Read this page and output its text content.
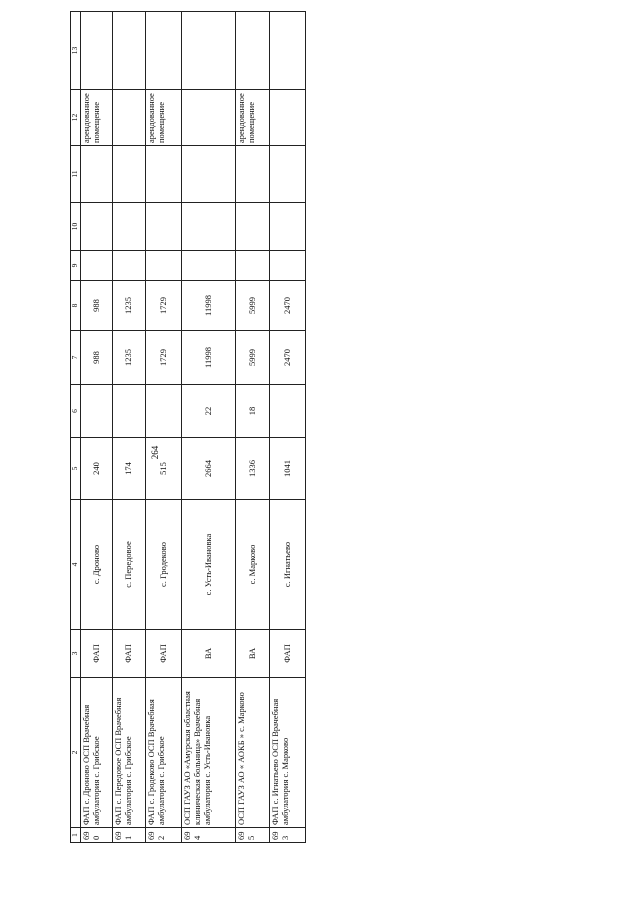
264
1	2	3	4	5	6	7	8	9	10	11	12	13
690	ФАП с. Дроново ОСП Врачебная амбулатория с. Грибское	ФАП	с. Дроново	240		988	988				арендованное помещение	
691	ФАП с. Передовое ОСП Врачебная амбулатория с. Грибское	ФАП	с. Передовое	174		1235	1235					
692	ФАП с. Гродеково ОСП Врачебная амбулатория с. Грибское	ФАП	с. Гродеково	515		1729	1729				арендованное помещение	
694	ОСП ГАУЗ АО «Амурская областная клиническая больница» Врачебная амбулатория с. Усть-Ивановка	ВА	с. Усть-Ивановка	2664	22	11998	11998					
695	ОСП ГАУЗ АО « АОКБ » с. Марково	ВА	с. Марково	1336	18	5999	5999				арендованное помещение	
693	ФАП с. Игнатьево ОСП Врачебная амбулатория с. Марково	ФАП	с. Игнатьево	1041		2470	2470					
